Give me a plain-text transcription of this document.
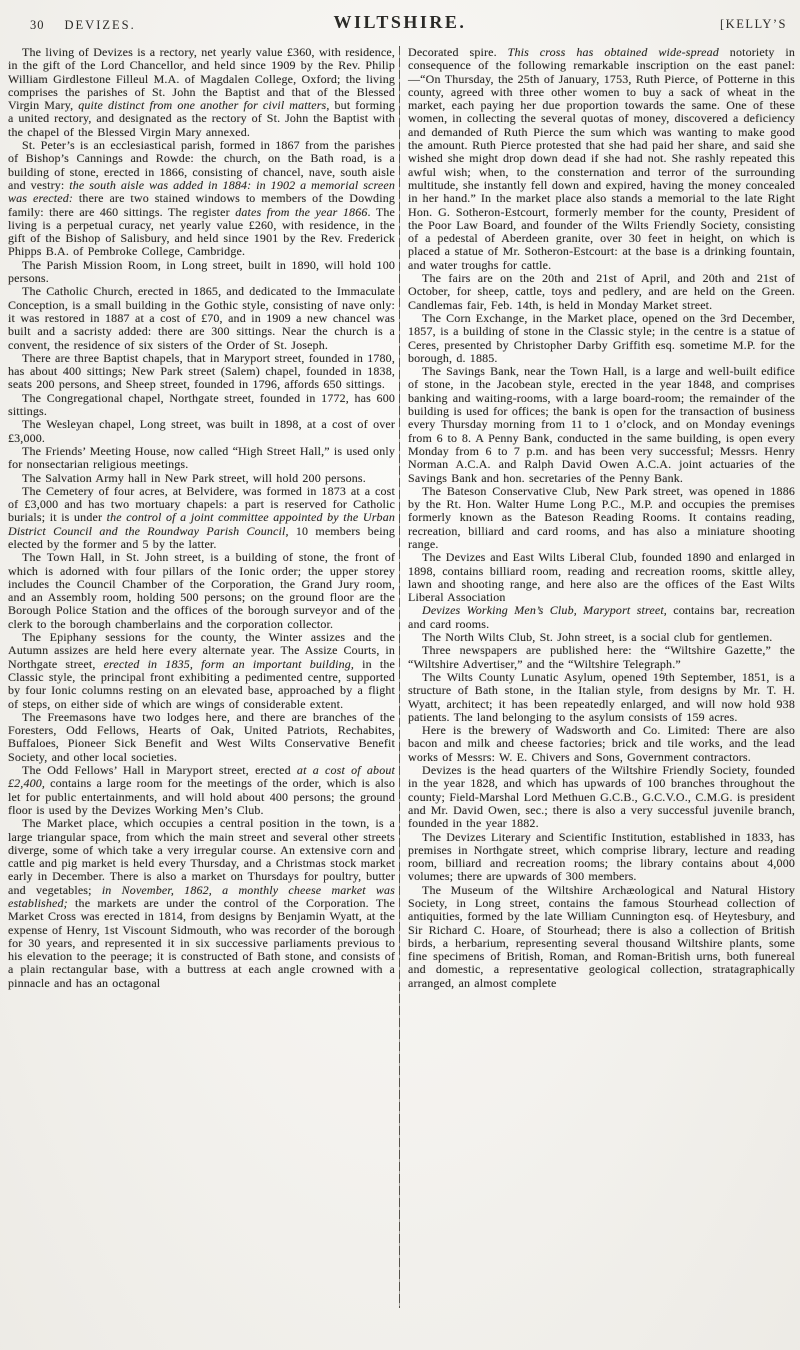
30 DEVIZES.	WILTSHIRE.	[KELLY’S

The living of Devizes is a rectory, net yearly value £360, with residence, in the gift of the Lord Chancellor, and held since 1909 by the Rev. Philip William Girdlestone Filleul M.A. of Magdalen College, Oxford; the living comprises the parishes of St. John the Baptist and that of the Blessed Virgin Mary, quite distinct from one another for civil matters, but forming a united rectory, and designated as the rectory of St. John the Baptist with the chapel of the Blessed Virgin Mary annexed.

St. Peter’s is an ecclesiastical parish, formed in 1867 from the parishes of Bishop’s Cannings and Rowde: the church, on the Bath road, is a building of stone, erected in 1866, consisting of chancel, nave, south aisle and vestry: the south aisle was added in 1884: in 1902 a memorial screen was erected: there are two stained windows to members of the Dowding family: there are 460 sittings. The register dates from the year 1866. The living is a perpetual curacy, net yearly value £260, with residence, in the gift of the Bishop of Salisbury, and held since 1901 by the Rev. Frederick Phipps B.A. of Pembroke College, Cambridge.

The Parish Mission Room, in Long street, built in 1890, will hold 100 persons.

The Catholic Church, erected in 1865, and dedicated to the Immaculate Conception, is a small building in the Gothic style, consisting of nave only: it was restored in 1887 at a cost of £70, and in 1909 a new chancel was built and a sacristy added: there are 300 sittings. Near the church is a convent, the residence of six sisters of the Order of St. Joseph.

There are three Baptist chapels, that in Maryport street, founded in 1780, has about 400 sittings; New Park street (Salem) chapel, founded in 1838, seats 200 persons, and Sheep street, founded in 1796, affords 650 sittings.

The Congregational chapel, Northgate street, founded in 1772, has 600 sittings.

The Wesleyan chapel, Long street, was built in 1898, at a cost of over £3,000.

The Friends’ Meeting House, now called “High Street Hall,” is used only for nonsectarian religious meetings.

The Salvation Army hall in New Park street, will hold 200 persons.

The Cemetery of four acres, at Belvidere, was formed in 1873 at a cost of £3,000 and has two mortuary chapels: a part is reserved for Catholic burials; it is under the control of a joint committee appointed by the Urban District Council and the Roundway Parish Council, 10 members being elected by the former and 5 by the latter.

The Town Hall, in St. John street, is a building of stone, the front of which is adorned with four pillars of the Ionic order; the upper storey includes the Council Chamber of the Corporation, the Grand Jury room, and an Assembly room, holding 500 persons; on the ground floor are the Borough Police Station and the offices of the borough surveyor and of the clerk to the borough chamberlains and the corporation collector.

The Epiphany sessions for the county, the Winter assizes and the Autumn assizes are held here every alternate year. The Assize Courts, in Northgate street, erected in 1835, form an important building, in the Classic style, the principal front exhibiting a pedimented centre, supported by four Ionic columns resting on an elevated base, approached by a flight of steps, on either side of which are wings of considerable extent.

The Freemasons have two lodges here, and there are branches of the Foresters, Odd Fellows, Hearts of Oak, United Patriots, Rechabites, Buffaloes, Pioneer Sick Benefit and West Wilts Conservative Benefit Society, and other local societies.

The Odd Fellows’ Hall in Maryport street, erected at a cost of about £2,400, contains a large room for the meetings of the order, which is also let for public entertainments, and will hold about 400 persons; the ground floor is used by the Devizes Working Men’s Club.

The Market place, which occupies a central position in the town, is a large triangular space, from which the main street and several other streets diverge, some of which take a very irregular course. An extensive corn and cattle and pig market is held every Thursday, and a Christmas stock market early in December. There is also a market on Thursdays for poultry, butter and vegetables; in November, 1862, a monthly cheese market was established; the markets are under the control of the Corporation. The Market Cross was erected in 1814, from designs by Benjamin Wyatt, at the expense of Henry, 1st Viscount Sidmouth, who was recorder of the borough for 30 years, and represented it in six successive parliaments previous to his elevation to the peerage; it is constructed of Bath stone, and consists of a plain rectangular base, with a buttress at each angle crowned with a pinnacle and has an octagonal

Decorated spire. This cross has obtained wide-spread notoriety in consequence of the following remarkable inscription on the east panel:—“On Thursday, the 25th of January, 1753, Ruth Pierce, of Potterne in this county, agreed with three other women to buy a sack of wheat in the market, each paying her due proportion towards the same. One of these women, in collecting the several quotas of money, discovered a deficiency and demanded of Ruth Pierce the sum which was wanting to make good the amount. Ruth Pierce protested that she had paid her share, and said she wished she might drop down dead if she had not. She rashly repeated this awful wish; when, to the consternation and terror of the surrounding multitude, she instantly fell down and expired, having the money concealed in her hand.” In the market place also stands a memorial to the late Right Hon. G. Sotheron-Estcourt, formerly member for the county, President of the Poor Law Board, and founder of the Wilts Friendly Society, consisting of a pedestal of Aberdeen granite, over 30 feet in height, on which is placed a statue of Mr. Sotheron-Estcourt: at the base is a drinking fountain, and water troughs for cattle.

The fairs are on the 20th and 21st of April, and 20th and 21st of October, for sheep, cattle, toys and pedlery, and are held on the Green. Candlemas fair, Feb. 14th, is held in Monday Market street.

The Corn Exchange, in the Market place, opened on the 3rd December, 1857, is a building of stone in the Classic style; in the centre is a statue of Ceres, presented by Christopher Darby Griffith esq. sometime M.P. for the borough, d. 1885.

The Savings Bank, near the Town Hall, is a large and well-built edifice of stone, in the Jacobean style, erected in the year 1848, and comprises banking and waiting-rooms, with a large board-room; the remainder of the building is used for offices; the bank is open for the transaction of business every Thursday morning from 11 to 1 o’clock, and on Monday evenings from 6 to 8. A Penny Bank, conducted in the same building, is open every Monday from 6 to 7 p.m. and has been very successful; Messrs. Henry Norman A.C.A. and Ralph David Owen A.C.A. joint actuaries of the Savings Bank and hon. secretaries of the Penny Bank.

The Bateson Conservative Club, New Park street, was opened in 1886 by the Rt. Hon. Walter Hume Long P.C., M.P. and occupies the premises formerly known as the Bateson Reading Rooms. It contains reading, recreation, billiard and card rooms, and has also a miniature shooting range.

The Devizes and East Wilts Liberal Club, founded 1890 and enlarged in 1898, contains billiard room, reading and recreation rooms, skittle alley, lawn and shooting range, and here also are the offices of the East Wilts Liberal Association

Devizes Working Men’s Club, Maryport street, contains bar, recreation and card rooms.

The North Wilts Club, St. John street, is a social club for gentlemen.

Three newspapers are published here: the “Wiltshire Gazette,” the “Wiltshire Advertiser,” and the “Wiltshire Telegraph.”

The Wilts County Lunatic Asylum, opened 19th September, 1851, is a structure of Bath stone, in the Italian style, from designs by Mr. T. H. Wyatt, architect; it has been repeatedly enlarged, and will now hold 938 patients. The land belonging to the asylum consists of 159 acres.

Here is the brewery of Wadsworth and Co. Limited: There are also bacon and milk and cheese factories; brick and tile works, and the lead works of Messrs: W. E. Chivers and Sons, Government contractors.

Devizes is the head quarters of the Wiltshire Friendly Society, founded in the year 1828, and which has upwards of 100 branches throughout the county; Field-Marshal Lord Methuen G.C.B., G.C.V.O., C.M.G. is president and Mr. David Owen, sec.; there is also a very successful juvenile branch, founded in the year 1882.

The Devizes Literary and Scientific Institution, established in 1833, has premises in Northgate street, which comprise library, lecture and reading room, billiard and recreation rooms; the library contains about 4,000 volumes; there are upwards of 300 members.

The Museum of the Wiltshire Archæological and Natural History Society, in Long street, contains the famous Stourhead collection of antiquities, formed by the late William Cunnington esq. of Heytesbury, and Sir Richard C. Hoare, of Stourhead; there is also a collection of British birds, a herbarium, representing several thousand Wiltshire plants, some fine specimens of British, Roman, and Roman-British urns, both funereal and domestic, a representative geological collection, stratagraphically arranged, an almost complete
